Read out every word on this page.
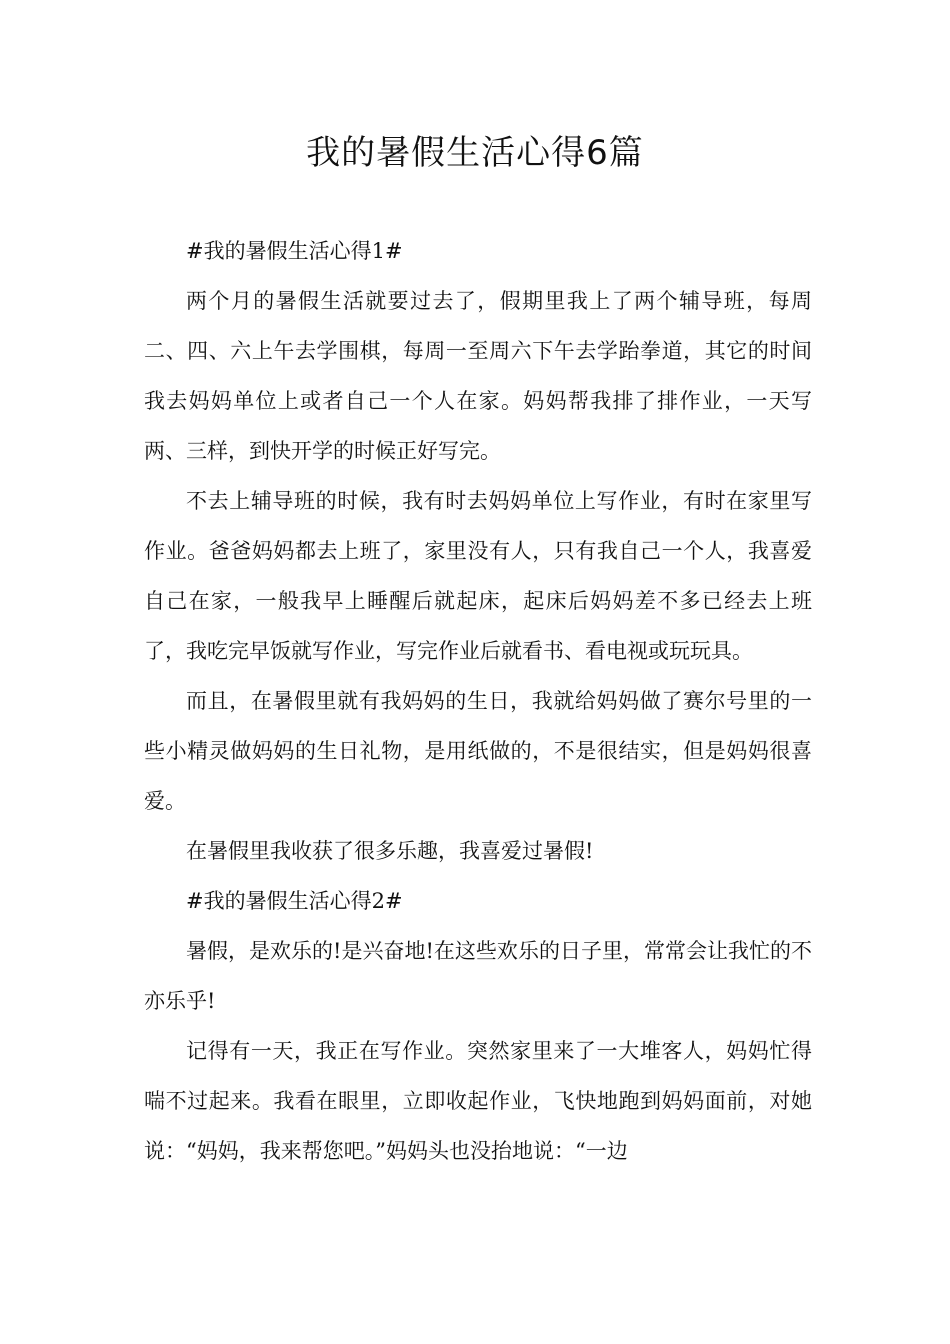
我的暑假生活心得6篇

#我的暑假生活心得1#

两个月的暑假生活就要过去了，假期里我上了两个辅导班，每周二、四、六上午去学围棋，每周一至周六下午去学跆拳道，其它的时间我去妈妈单位上或者自己一个人在家。妈妈帮我排了排作业，一天写两、三样，到快开学的时候正好写完。

不去上辅导班的时候，我有时去妈妈单位上写作业，有时在家里写作业。爸爸妈妈都去上班了，家里没有人，只有我自己一个人，我喜爱自己在家，一般我早上睡醒后就起床，起床后妈妈差不多已经去上班了，我吃完早饭就写作业，写完作业后就看书、看电视或玩玩具。

而且，在暑假里就有我妈妈的生日，我就给妈妈做了赛尔号里的一些小精灵做妈妈的生日礼物，是用纸做的，不是很结实，但是妈妈很喜爱。

在暑假里我收获了很多乐趣，我喜爱过暑假!

#我的暑假生活心得2#

暑假，是欢乐的!是兴奋地!在这些欢乐的日子里，常常会让我忙的不亦乐乎!

记得有一天，我正在写作业。突然家里来了一大堆客人，妈妈忙得喘不过起来。我看在眼里，立即收起作业，飞快地跑到妈妈面前，对她说：“妈妈，我来帮您吧。”妈妈头也没抬地说：“一边
